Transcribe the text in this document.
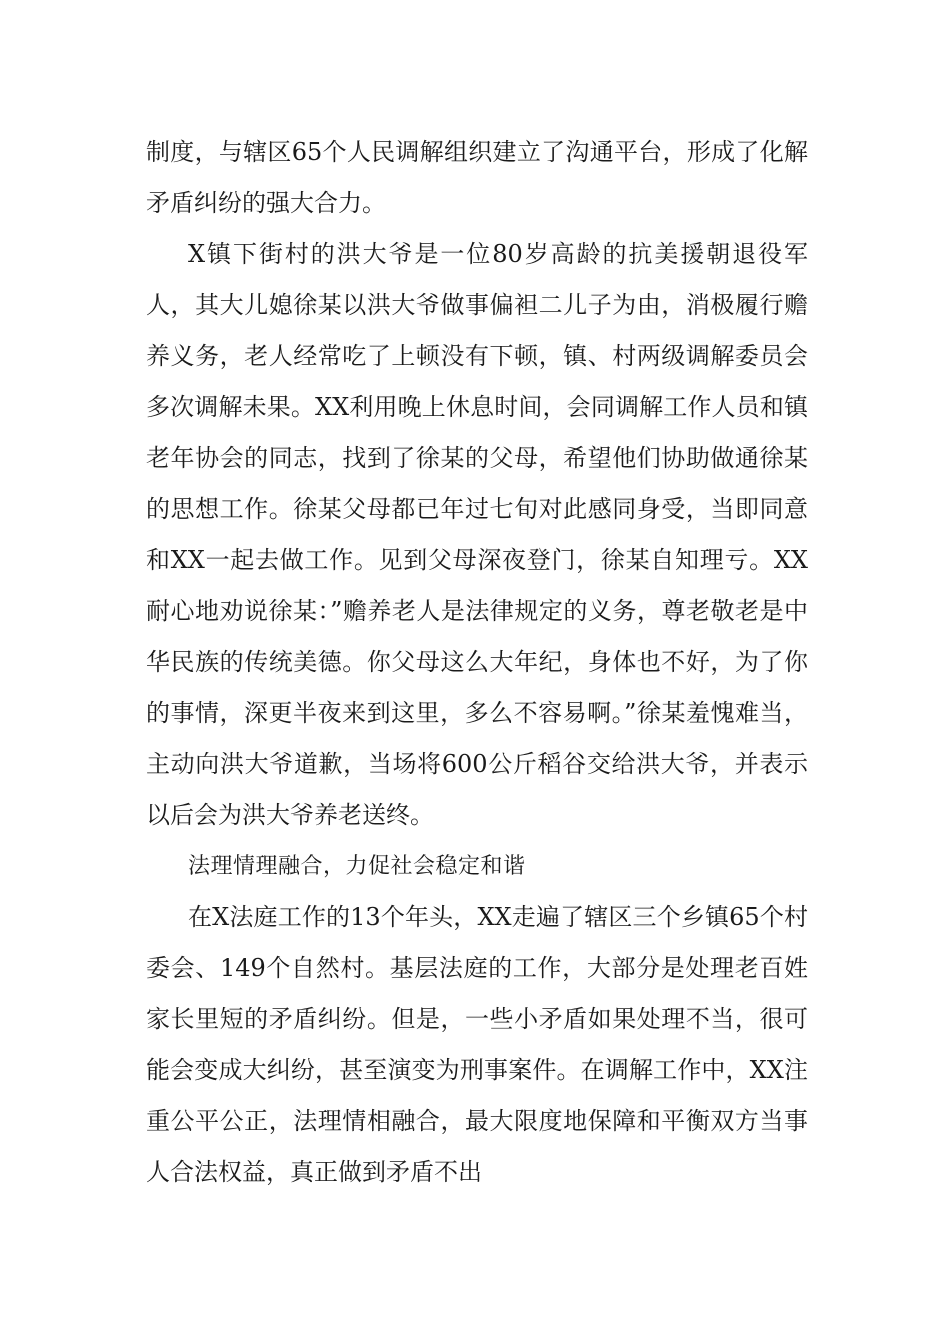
制度，与辖区65个人民调解组织建立了沟通平台，形成了化解矛盾纠纷的强大合力。

X镇下街村的洪大爷是一位80岁高龄的抗美援朝退役军人，其大儿媳徐某以洪大爷做事偏袒二儿子为由，消极履行赡养义务，老人经常吃了上顿没有下顿，镇、村两级调解委员会多次调解未果。XX利用晚上休息时间，会同调解工作人员和镇老年协会的同志，找到了徐某的父母，希望他们协助做通徐某的思想工作。徐某父母都已年过七旬对此感同身受，当即同意和XX一起去做工作。见到父母深夜登门，徐某自知理亏。XX耐心地劝说徐某：”赡养老人是法律规定的义务，尊老敬老是中华民族的传统美德。你父母这么大年纪，身体也不好，为了你的事情，深更半夜来到这里，多么不容易啊。”徐某羞愧难当，主动向洪大爷道歉，当场将600公斤稻谷交给洪大爷，并表示以后会为洪大爷养老送终。

法理情理融合，力促社会稳定和谐

在X法庭工作的13个年头，XX走遍了辖区三个乡镇65个村委会、149个自然村。基层法庭的工作，大部分是处理老百姓家长里短的矛盾纠纷。但是，一些小矛盾如果处理不当，很可能会变成大纠纷，甚至演变为刑事案件。在调解工作中，XX注重公平公正，法理情相融合，最大限度地保障和平衡双方当事人合法权益，真正做到矛盾不出
